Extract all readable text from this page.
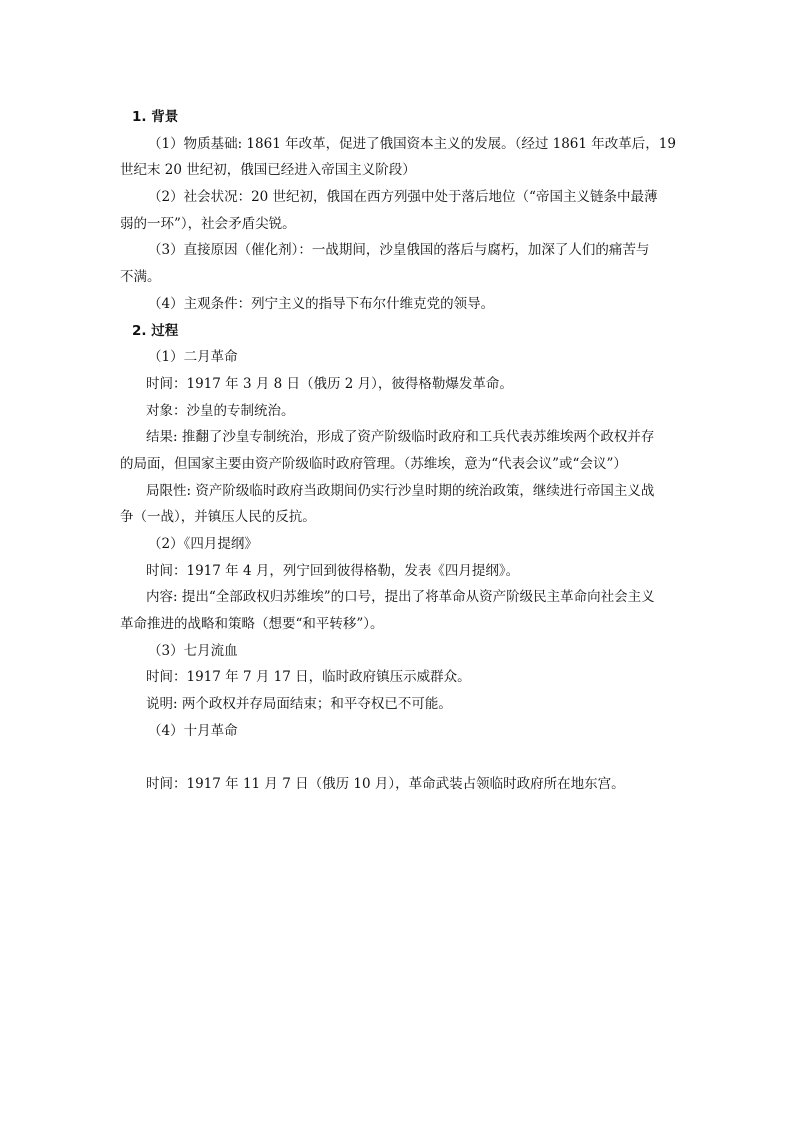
1. 背景
（1）物质基础: 1861 年改革，促进了俄国资本主义的发展。（经过 1861 年改革后，19
世纪末 20 世纪初，俄国已经进入帝国主义阶段）
（2）社会状况：20 世纪初，俄国在西方列强中处于落后地位（“帝国主义链条中最薄
弱的一环”），社会矛盾尖锐。
（3）直接原因（催化剂）：一战期间，沙皇俄国的落后与腐朽，加深了人们的痛苦与
不满。
（4）主观条件：列宁主义的指导下布尔什维克党的领导。
2. 过程
（1）二月革命
时间：1917 年 3 月 8 日（俄历 2 月），彼得格勒爆发革命。
对象：沙皇的专制统治。
结果: 推翻了沙皇专制统治，形成了资产阶级临时政府和工兵代表苏维埃两个政权并存
的局面，但国家主要由资产阶级临时政府管理。（苏维埃，意为“代表会议”或“会议”）
局限性: 资产阶级临时政府当政期间仍实行沙皇时期的统治政策，继续进行帝国主义战
争（一战），并镇压人民的反抗。
（2）《四月提纲》
时间：1917 年 4 月，列宁回到彼得格勒，发表《四月提纲》。
内容: 提出“全部政权归苏维埃”的口号，提出了将革命从资产阶级民主革命向社会主义
革命推进的战略和策略（想要“和平转移”）。
（3）七月流血
时间：1917 年 7 月 17 日，临时政府镇压示威群众。
说明: 两个政权并存局面结束；和平夺权已不可能。
（4）十月革命
时间：1917 年 11 月 7 日（俄历 10 月），革命武装占领临时政府所在地东宫。
